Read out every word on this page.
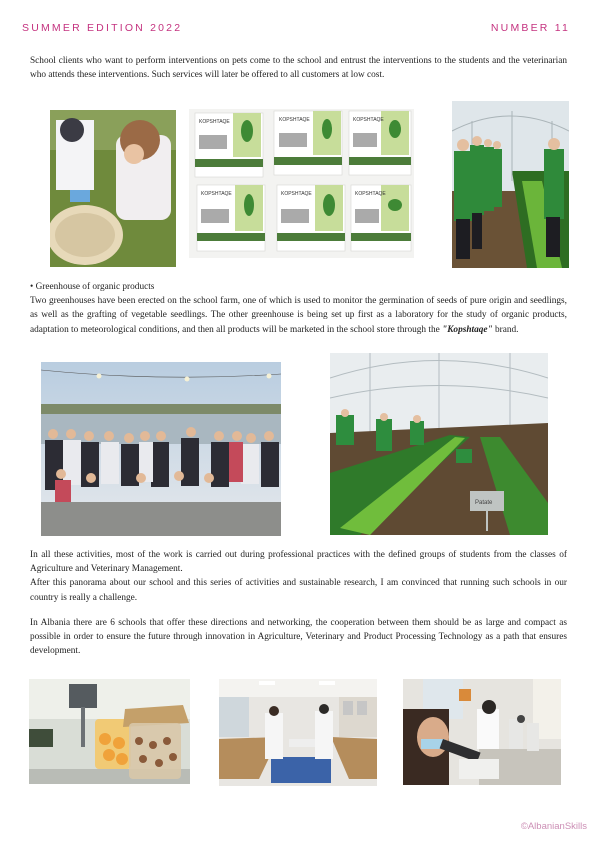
SUMMER EDITION 2022	NUMBER 11

School clients who want to perform interventions on pets come to the school and entrust the interventions to the students and the veterinarian who attends these interventions. Such services will later be offered to all customers at low cost.

KOPSHTAQE	KOPSHTAQE	KOPSHTAQE
KOPSHTAQE	KOPSHTAQE	KOPSHTAQE

• Greenhouse of organic products

Two greenhouses have been erected on the school farm, one of which is used to monitor the germination of seeds of pure origin and seedlings, as well as the grafting of vegetable seedlings. The other greenhouse is being set up first as a laboratory for the study of organic products, adaptation to meteorological conditions, and then all products will be marketed in the school store through the "Kopshtaqe" brand.

Patate

In all these activities, most of the work is carried out during professional practices with the defined groups of students from the classes of Agriculture and Veterinary Management.

After this panorama about our school and this series of activities and sustainable research, I am convinced that running such schools in our country is really a challenge.

In Albania there are 6 schools that offer these directions and networking, the cooperation between them should be as large and compact as possible in order to ensure the future through innovation in Agriculture, Veterinary and Product Processing Technology as a path that ensures development.

©AlbanianSkills
